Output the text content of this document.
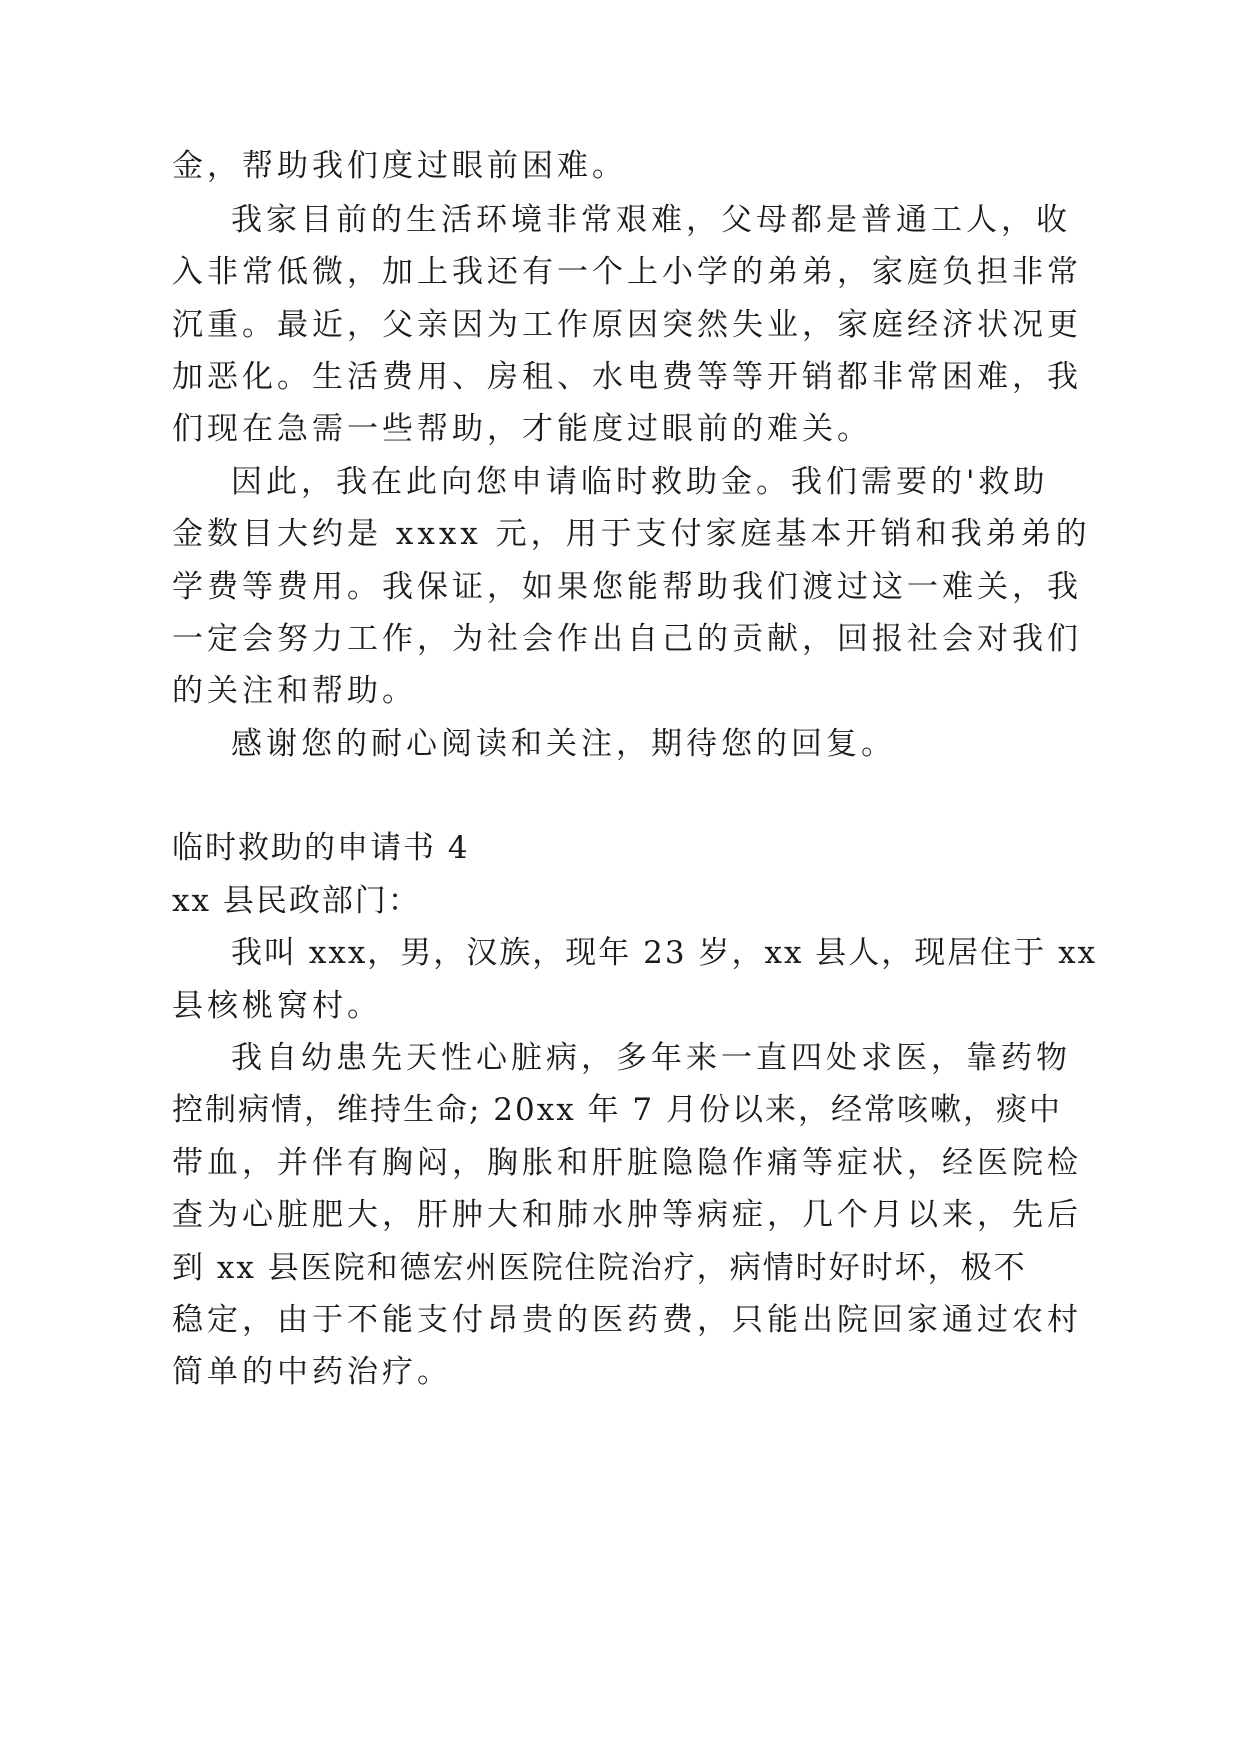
金，帮助我们度过眼前困难。
我家目前的生活环境非常艰难，父母都是普通工人，收
入非常低微，加上我还有一个上小学的弟弟，家庭负担非常
沉重。最近，父亲因为工作原因突然失业，家庭经济状况更
加恶化。生活费用、房租、水电费等等开销都非常困难，我
们现在急需一些帮助，才能度过眼前的难关。
因此，我在此向您申请临时救助金。我们需要的'救助
金数目大约是 xxxx 元，用于支付家庭基本开销和我弟弟的
学费等费用。我保证，如果您能帮助我们渡过这一难关，我
一定会努力工作，为社会作出自己的贡献，回报社会对我们
的关注和帮助。
感谢您的耐心阅读和关注，期待您的回复。
临时救助的申请书 4
xx 县民政部门：
我叫 xxx，男，汉族，现年 23 岁，xx 县人，现居住于 xx
县核桃窝村。
我自幼患先天性心脏病，多年来一直四处求医，靠药物
控制病情，维持生命; 20xx 年 7 月份以来，经常咳嗽，痰中
带血，并伴有胸闷，胸胀和肝脏隐隐作痛等症状，经医院检
查为心脏肥大，肝肿大和肺水肿等病症，几个月以来，先后
到 xx 县医院和德宏州医院住院治疗，病情时好时坏，极不
稳定，由于不能支付昂贵的医药费，只能出院回家通过农村
简单的中药治疗。
